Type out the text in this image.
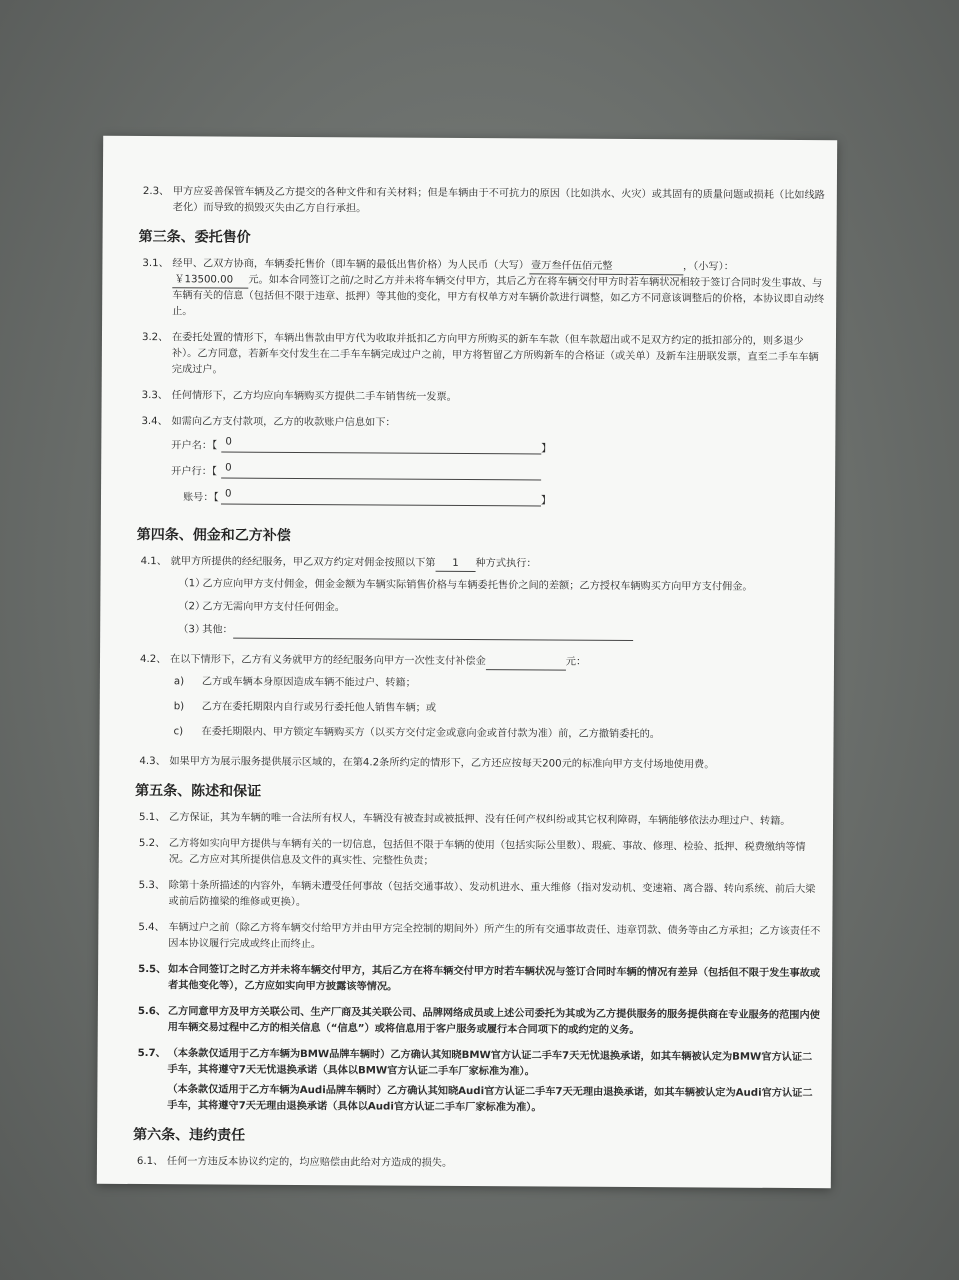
2.3、 甲方应妥善保管车辆及乙方提交的各种文件和有关材料；但是车辆由于不可抗力的原因（比如洪水、火灾）或其固有的质量问题或损耗（比如线路老化）而导致的损毁灭失由乙方自行承担。
第三条、委托售价
3.1、 经甲、乙双方协商，车辆委托售价（即车辆的最低出售价格）为人民币（大写） 壹万叁仟伍佰元整	，（小写）：
￥13500.00 元。如本合同签订之前/之时乙方并未将车辆交付甲方，其后乙方在将车辆交付甲方时若车辆状况相较于签订合同时发生事故、与车辆有关的信息（包括但不限于违章、抵押）等其他的变化，甲方有权单方对车辆价款进行调整，如乙方不同意该调整后的价格，本协议即自动终止。
3.2、 在委托处置的情形下，车辆出售款由甲方代为收取并抵扣乙方向甲方所购买的新车车款（但车款超出或不足双方约定的抵扣部分的，则多退少补）。乙方同意，若新车交付发生在二手车车辆完成过户之前，甲方将暂留乙方所购新车的合格证（或关单）及新车注册联发票，直至二手车车辆完成过户。
3.3、 任何情形下，乙方均应向车辆购买方提供二手车销售统一发票。
3.4、 如需向乙方支付款项，乙方的收款账户信息如下：
开户名：【 0
】
开户行：【 0
账号：【 0
】
第四条、佣金和乙方补偿
4.1、 就甲方所提供的经纪服务，甲乙双方约定对佣金按照以下第 1 种方式执行：
（1）
乙方应向甲方支付佣金，佣金金额为车辆实际销售价格与车辆委托售价之间的差额；乙方授权车辆购买方向甲方支付佣金。
（2）
乙方无需向甲方支付任何佣金。
（3）
其他：
4.2、 在以下情形下，乙方有义务就甲方的经纪服务向甲方一次性支付补偿金	元：
a) 乙方或车辆本身原因造成车辆不能过户、转籍；
b) 乙方在委托期限内自行或另行委托他人销售车辆；或
c) 在委托期限内、甲方锁定车辆购买方（以买方交付定金或意向金或首付款为准）前，乙方撤销委托的。
4.3、 如果甲方为展示服务提供展示区域的，在第4.2条所约定的情形下，乙方还应按每天200元的标准向甲方支付场地使用费。
第五条、陈述和保证
5.1、 乙方保证，其为车辆的唯一合法所有权人，车辆没有被查封或被抵押、没有任何产权纠纷或其它权利障碍，车辆能够依法办理过户、转籍。
5.2、 乙方将如实向甲方提供与车辆有关的一切信息，包括但不限于车辆的使用（包括实际公里数）、瑕疵、事故、修理、检验、抵押、税费缴纳等情况。乙方应对其所提供信息及文件的真实性、完整性负责；
5.3、 除第十条所描述的内容外，车辆未遭受任何事故（包括交通事故）、发动机进水、重大维修（指对发动机、变速箱、离合器、转向系统、前后大梁或前后防撞梁的维修或更换）。
5.4、 车辆过户之前（除乙方将车辆交付给甲方并由甲方完全控制的期间外）所产生的所有交通事故责任、违章罚款、债务等由乙方承担；乙方该责任不因本协议履行完成或终止而终止。
5.5、 如本合同签订之时乙方并未将车辆交付甲方，其后乙方在将车辆交付甲方时若车辆状况与签订合同时车辆的情况有差异（包括但不限于发生事故或者其他变化等），乙方应如实向甲方披露该等情况。
5.6、 乙方同意甲方及甲方关联公司、生产厂商及其关联公司、品牌网络成员或上述公司委托为其或为乙方提供服务的服务提供商在专业服务的范围内使用车辆交易过程中乙方的相关信息（“信息”）或将信息用于客户服务或履行本合同项下的或约定的义务。
5.7、 （本条款仅适用于乙方车辆为BMW品牌车辆时）乙方确认其知晓BMW官方认证二手车7天无忧退换承诺，如其车辆被认定为BMW官方认证二手车，其将遵守7天无忧退换承诺（具体以BMW官方认证二手车厂家标准为准）。
（本条款仅适用于乙方车辆为Audi品牌车辆时）乙方确认其知晓Audi官方认证二手车7天无理由退换承诺，如其车辆被认定为Audi官方认证二手车，其将遵守7天无理由退换承诺（具体以Audi官方认证二手车厂家标准为准）。
第六条、违约责任
6.1、 任何一方违反本协议约定的，均应赔偿由此给对方造成的损失。
